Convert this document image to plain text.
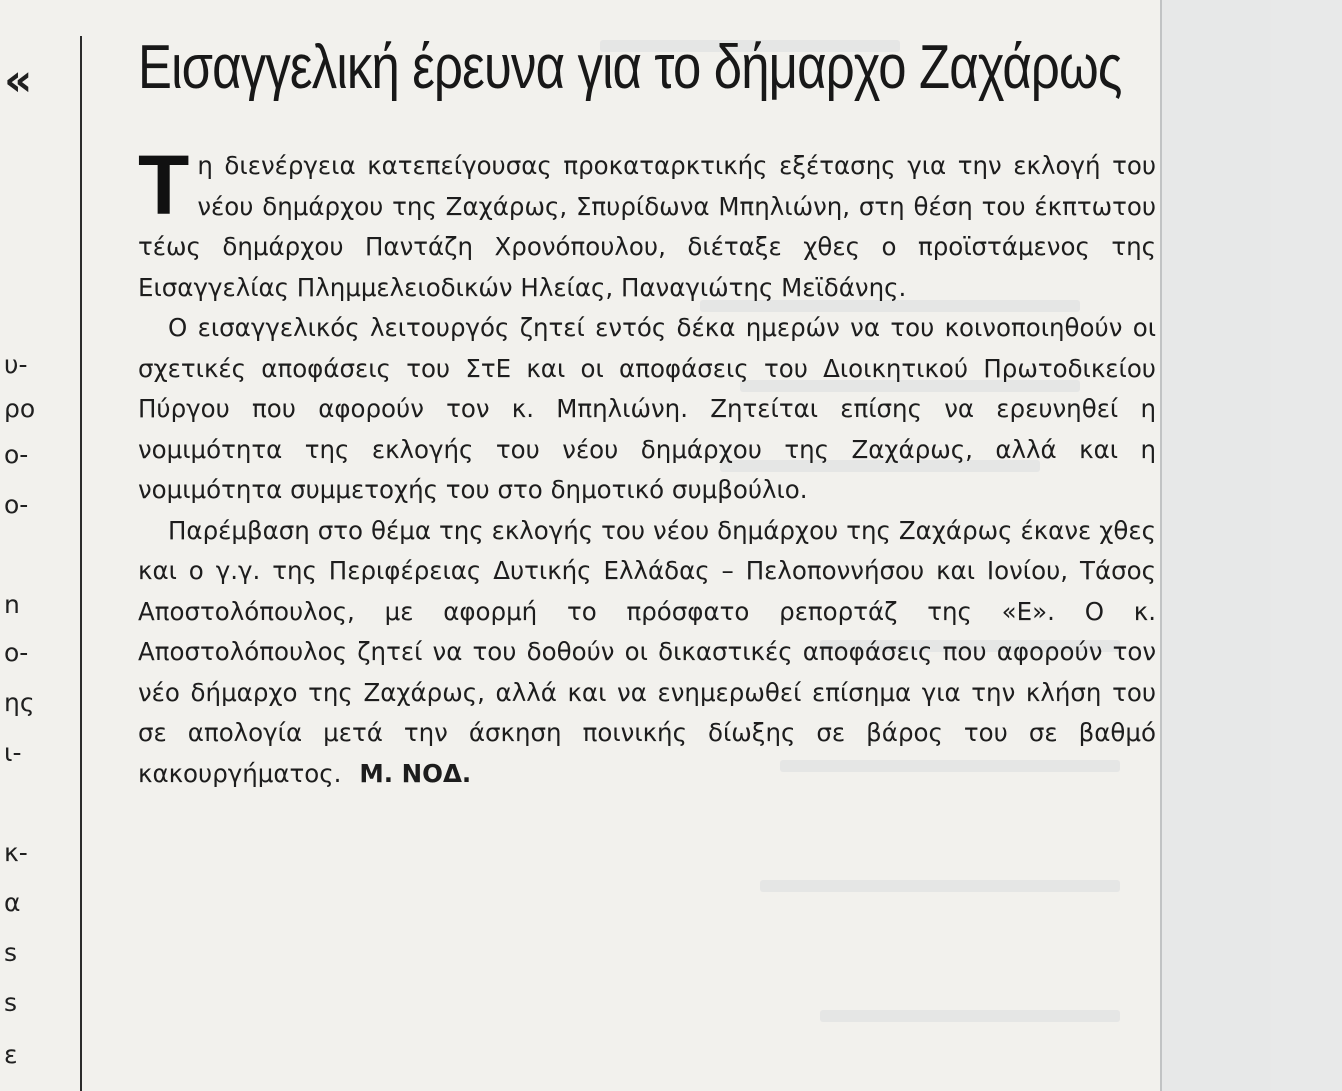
«
υ-
ρο
ο-
ο-
n
ο-
ης
ι-
κ-
α
s
s
ε
Εισαγγελική έρευνα για το δήμαρχο Ζαχάρως

Τη διενέργεια κατεπείγουσας προκαταρκτικής εξέτασης για την εκλογή του νέου δημάρχου της Ζαχάρως, Σπυρίδωνα Μπηλιώνη, στη θέση του έκπτωτου τέως δημάρχου Παντάζη Χρονόπουλου, διέταξε χθες ο προϊστάμενος της Εισαγγελίας Πλημμελειοδικών Ηλείας, Παναγιώτης Μεϊδάνης.

Ο εισαγγελικός λειτουργός ζητεί εντός δέκα ημερών να του κοινοποιηθούν οι σχετικές αποφάσεις του ΣτΕ και οι αποφάσεις του Διοικητικού Πρωτοδικείου Πύργου που αφορούν τον κ. Μπηλιώνη. Ζητείται επίσης να ερευνηθεί η νομιμότητα της εκλογής του νέου δημάρχου της Ζαχάρως, αλλά και η νομιμότητα συμμετοχής του στο δημοτικό συμβούλιο.

Παρέμβαση στο θέμα της εκλογής του νέου δημάρχου της Ζαχάρως έκανε χθες και ο γ.γ. της Περιφέρειας Δυτικής Ελλάδας – Πελοποννήσου και Ιονίου, Τάσος Αποστολόπουλος, με αφορμή το πρόσφατο ρεπορτάζ της «Ε». Ο κ. Αποστολόπουλος ζητεί να του δοθούν οι δικαστικές αποφάσεις που αφορούν τον νέο δήμαρχο της Ζαχάρως, αλλά και να ενημερωθεί επίσημα για την κλήση του σε απολογία μετά την άσκηση ποινικής δίωξης σε βάρος του σε βαθμό κακουργήματος. Μ. ΝΟΔ.
